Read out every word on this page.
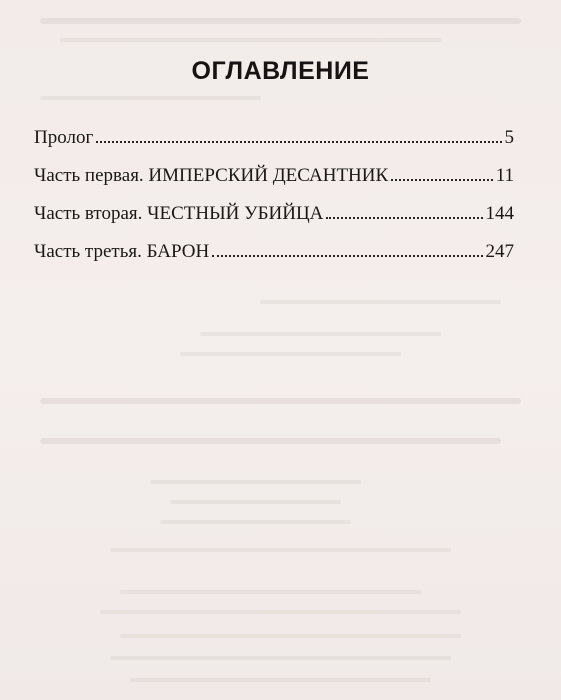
ОГЛАВЛЕНИЕ
Пролог	5
Часть первая. ИМПЕРСКИЙ ДЕСАНТНИК	11
Часть вторая. ЧЕСТНЫЙ УБИЙЦА	144
Часть третья. БАРОН	247
